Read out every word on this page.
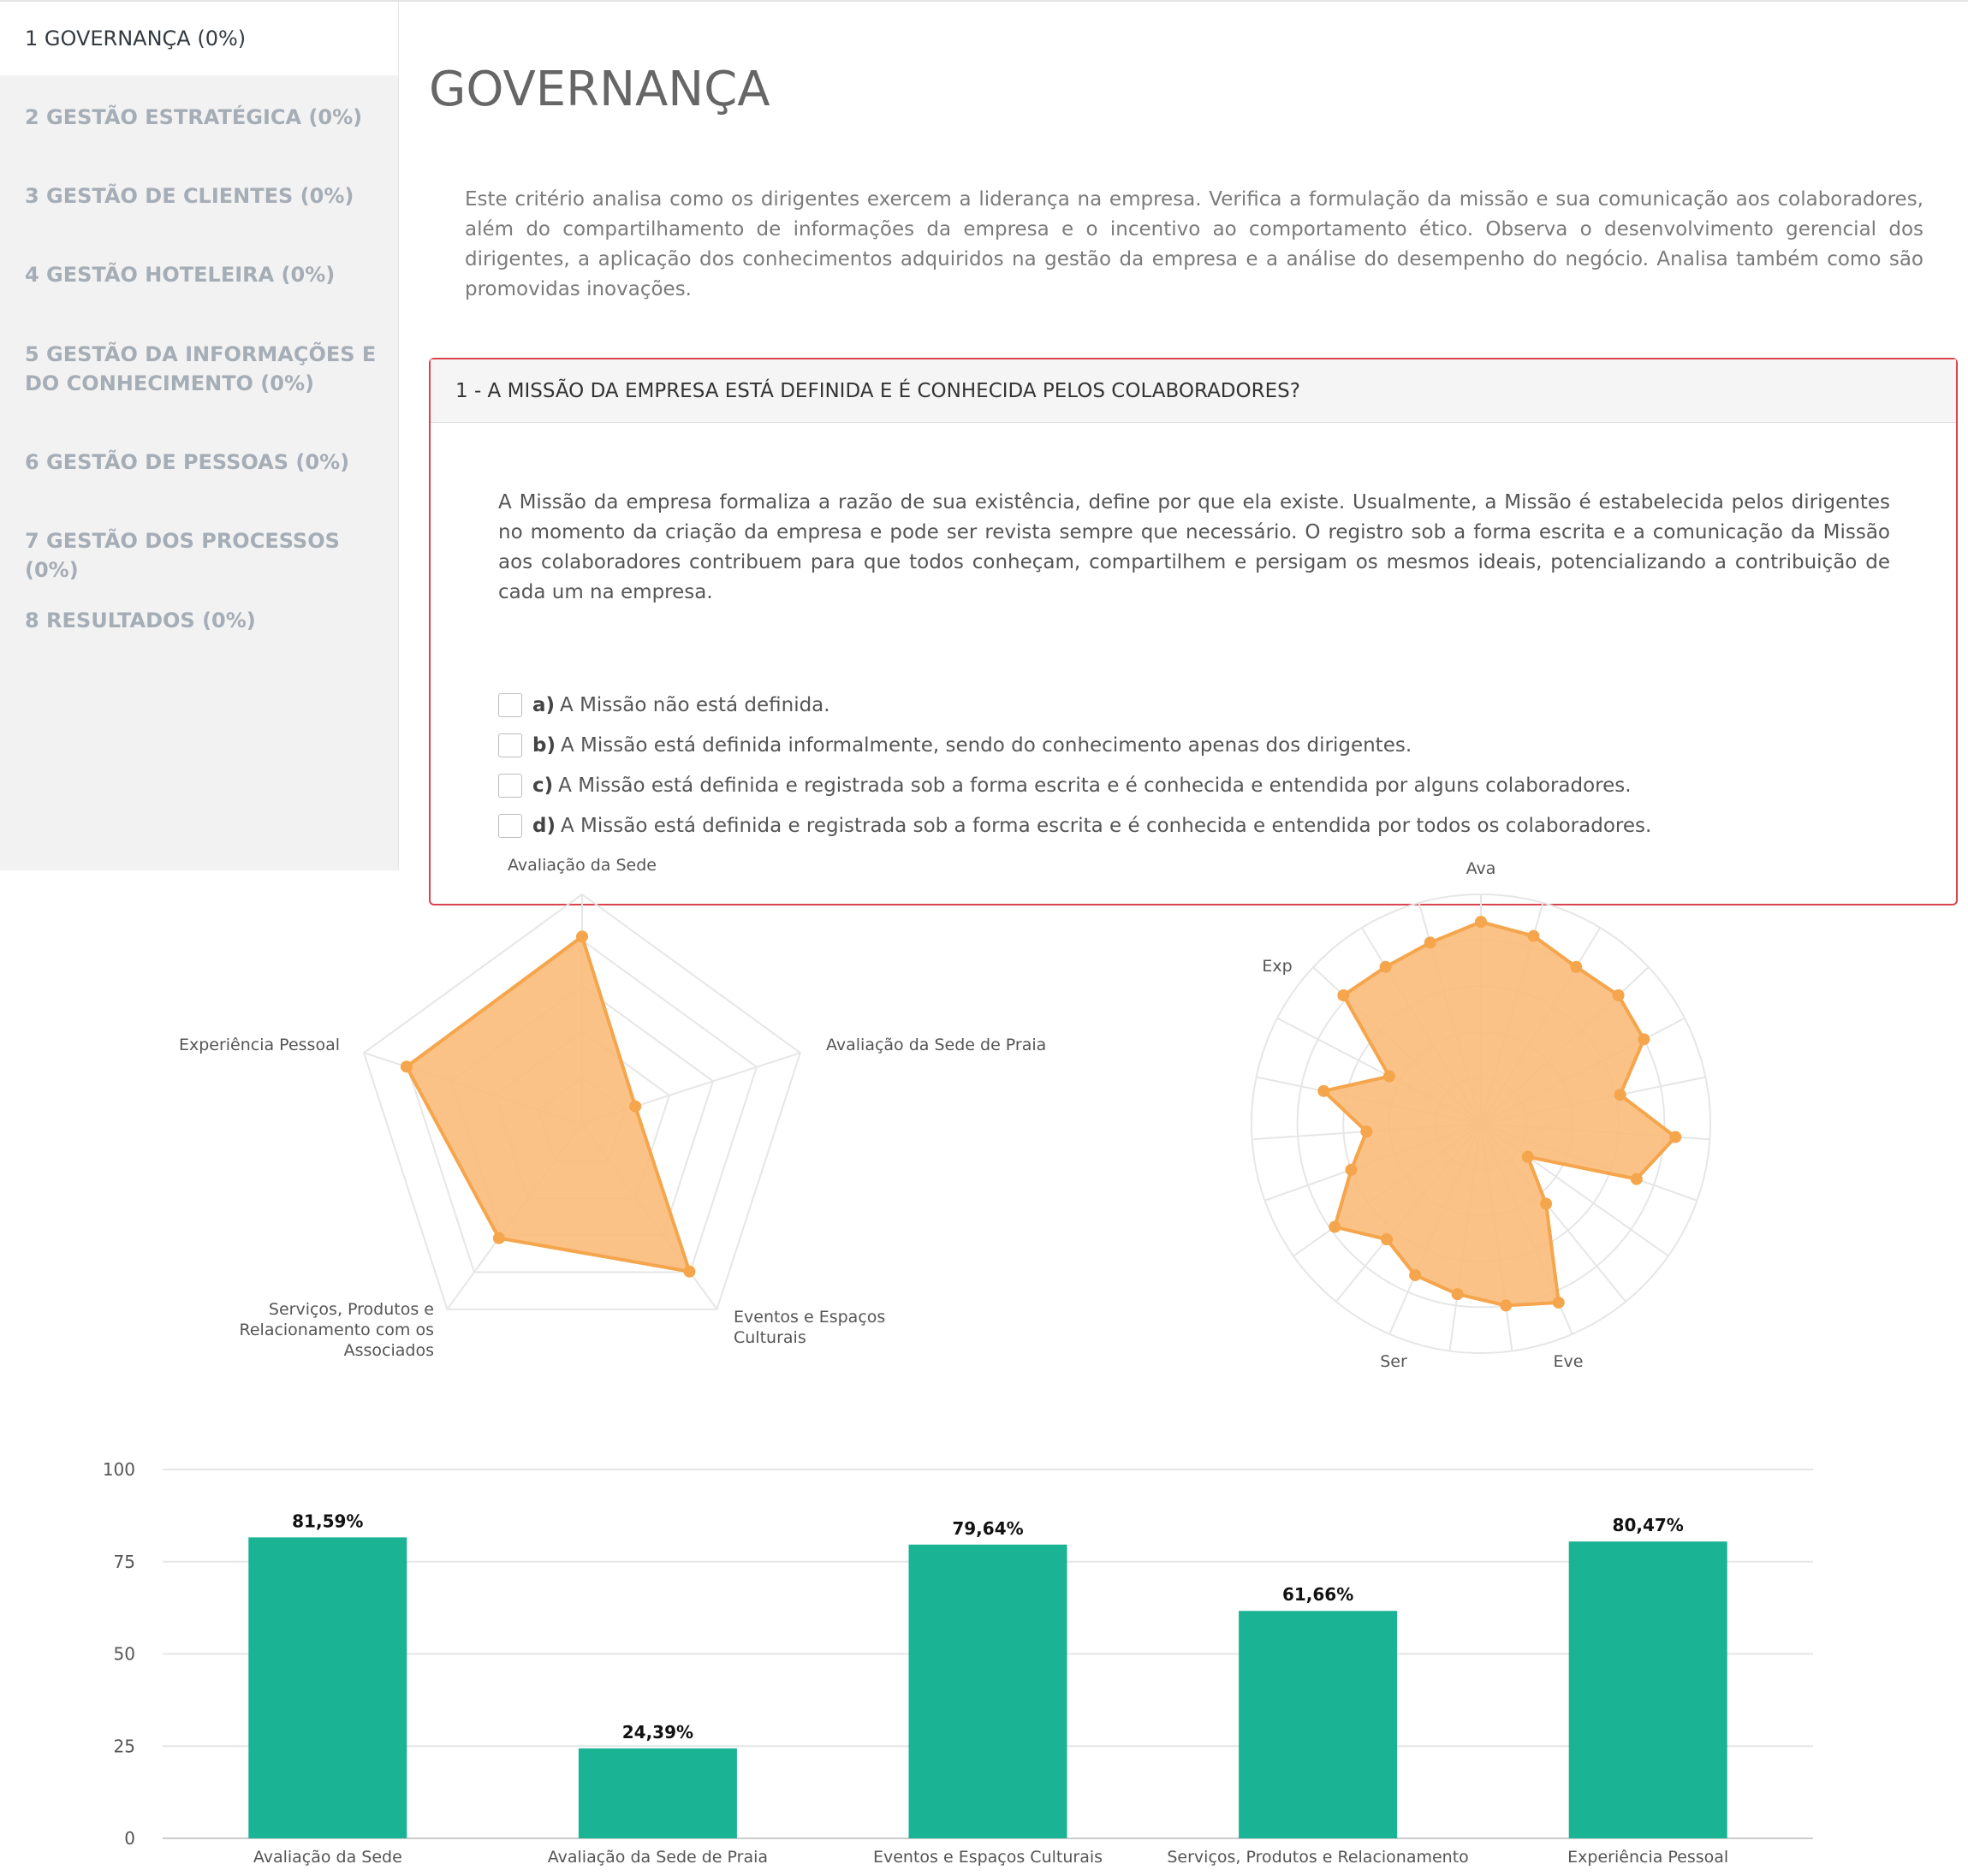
1 GOVERNANÇA (0%)
2 GESTÃO ESTRATÉGICA (0%)
3 GESTÃO DE CLIENTES (0%)
4 GESTÃO HOTELEIRA (0%)
5 GESTÃO DA INFORMAÇÕES E DO CONHECIMENTO (0%)
6 GESTÃO DE PESSOAS (0%)
7 GESTÃO DOS PROCESSOS (0%)
8 RESULTADOS (0%)
GOVERNANÇA

Este critério analisa como os dirigentes exercem a liderança na empresa. Verifica a formulação da missão e sua comunicação aos colaboradores, além do compartilhamento de informações da empresa e o incentivo ao comportamento ético. Observa o desenvolvimento gerencial dos dirigentes, a aplicação dos conhecimentos adquiridos na gestão da empresa e a análise do desempenho do negócio. Analisa também como são promovidas inovações.

1 - A MISSÃO DA EMPRESA ESTÁ DEFINIDA E É CONHECIDA PELOS COLABORADORES?

A Missão da empresa formaliza a razão de sua existência, define por que ela existe. Usualmente, a Missão é estabelecida pelos dirigentes no momento da criação da empresa e pode ser revista sempre que necessário. O registro sob a forma escrita e a comunicação da Missão aos colaboradores contribuem para que todos conheçam, compartilhem e persigam os mesmos ideais, potencializando a contribuição de cada um na empresa.

a) A Missão não está definida.
b) A Missão está definida informalmente, sendo do conhecimento apenas dos dirigentes.
c) A Missão está definida e registrada sob a forma escrita e é conhecida e entendida por alguns colaboradores.
d) A Missão está definida e registrada sob a forma escrita e é conhecida e entendida por todos os colaboradores.
Avaliação da Sede
Avaliação da Sede de Praia
Eventos e Espaços Culturais
Serviços, Produtos e Relacionamento com os Associados
Experiência Pessoal
Ava
Eve
Ser
Exp
0
25
50
75
100
81,59%
Avaliação da Sede
24,39%
Avaliação da Sede de Praia
79,64%
Eventos e Espaços Culturais
61,66%
Serviços, Produtos e Relacionamento
80,47%
Experiência Pessoal
